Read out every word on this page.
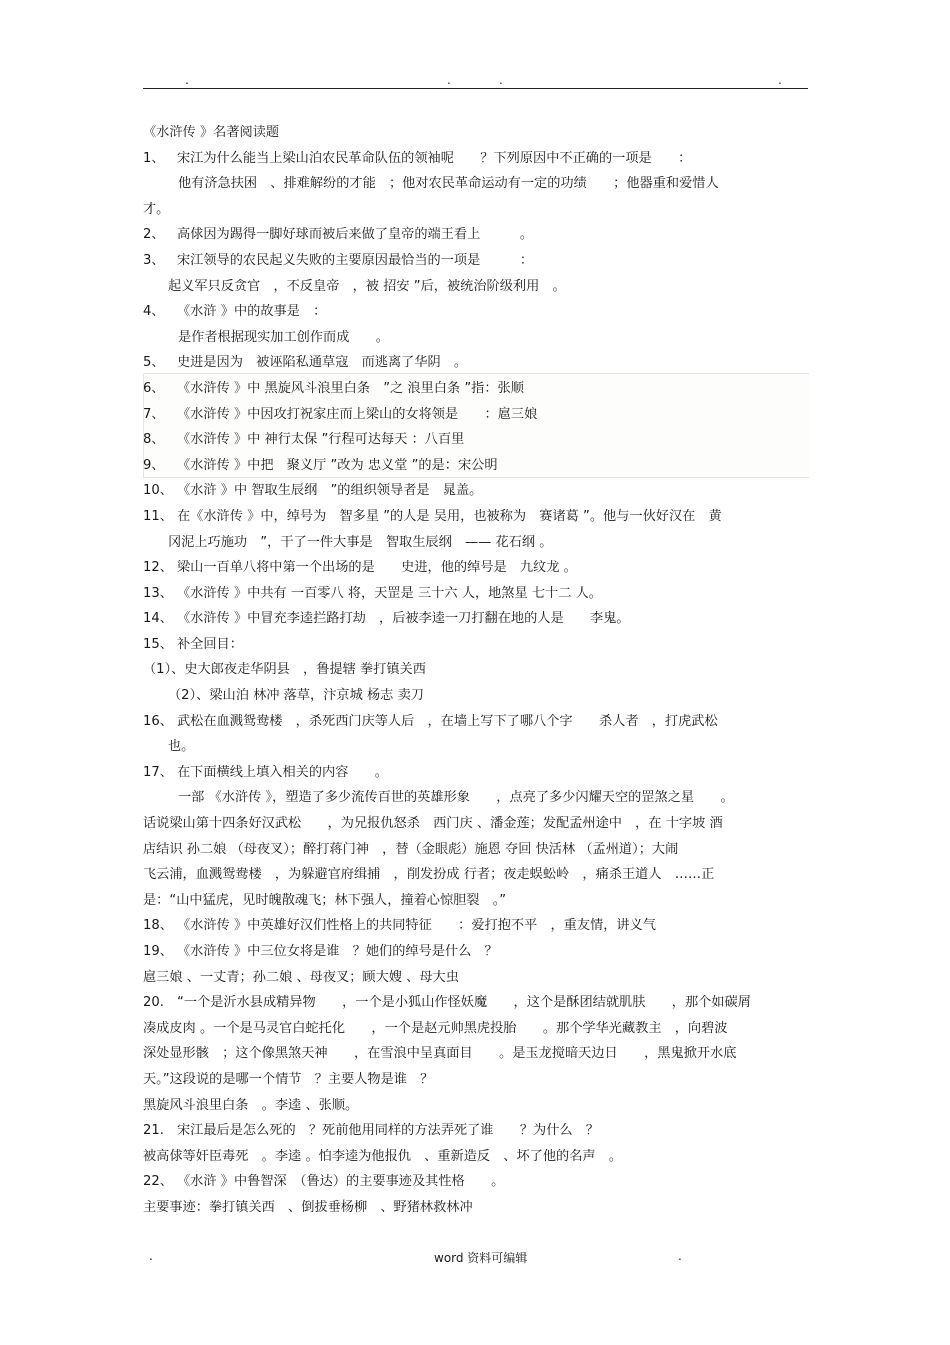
.	.	.	.
《水浒传 》名著阅读题
1、 宋江为什么能当上梁山泊农民革命队伍的领袖呢　　？下列原因中不正确的一项是　　：
他有济急扶困　、排难解纷的才能　；他对农民革命运动有一定的功绩　　；他器重和爱惜人
才。
2、 高俅因为踢得一脚好球而被后来做了皇帝的端王看上　　　。
3、 宋江领导的农民起义失败的主要原因最恰当的一项是　　　：
起义军只反贪官　，不反皇帝　，被 招安 ”后，被统治阶级利用　。
4、 《水浒 》中的故事是　：
是作者根据现实加工创作而成　　。
5、 史进是因为　被诬陷私通草寇　而逃离了华阴　。
6、 《水浒传 》中 黑旋风斗浪里白条　”之 浪里白条 ”指：张顺
7、 《水浒传 》中因攻打祝家庄而上梁山的女将领是　　：扈三娘
8、 《水浒传 》中 神行太保 ”行程可达每天 ：八百里
9、 《水浒传 》中把　聚义厅 ”改为 忠义堂 ”的是：宋公明
10、 《水浒 》中 智取生辰纲　”的组织领导者是　晁盖。
11、 在《水浒传 》中，绰号为　智多星 ”的人是 吴用，也被称为　赛诸葛 ”。他与一伙好汉在　黄
冈泥上巧施功　”，干了一件大事是　智取生辰纲　—— 花石纲 。
12、 梁山一百单八将中第一个出场的是　　史进，他的绰号是　九纹龙 。
13、 《水浒传 》中共有 一百零八 将，天罡是 三十六 人，地煞星 七十二 人。
14、 《水浒传 》中冒充李逵拦路打劫　，后被李逵一刀打翻在地的人是　　李鬼。
15、 补全回目：
（1）、史大郎夜走华阴县　，鲁提辖 拳打镇关西
（2）、梁山泊 林冲 落草，汴京城 杨志 卖刀
16、 武松在血溅鸳鸯楼　，杀死西门庆等人后　，在墙上写下了哪八个字　　杀人者　，打虎武松
也。
17、 在下面横线上填入相关的内容　　。
一部 《水浒传 》，塑造了多少流传百世的英雄形象　　，点亮了多少闪耀天空的罡煞之星　　。
话说梁山第十四条好汉武松　　，为兄报仇怒杀　西门庆 、潘金莲；发配孟州途中　，在 十字坡 酒
店结识 孙二娘 （母夜叉）；醉打蒋门神　，替（金眼彪）施恩 夺回 快活林 （孟州道）；大闹
飞云浦，血溅鸳鸯楼　，为躲避官府缉捕　，削发扮成 行者；夜走蜈蚣岭　，痛杀王道人　……正
是：“山中猛虎，见时魄散魂飞；林下强人，撞着心惊胆裂　。”
18、 《水浒传 》中英雄好汉们性格上的共同特征　　：爱打抱不平　，重友情，讲义气
19、 《水浒传 》中三位女将是谁　？她们的绰号是什么　？
扈三娘 、一丈青；孙二娘 、母夜叉；顾大嫂 、母大虫
20. “一个是沂水县成精异物　　，一个是小狐山作怪妖魔　　，这个是酥团结就肌肤　　，那个如碳屑
凑成皮肉 。一个是马灵官白蛇托化　　，一个是赵元帅黑虎投胎　　。那个学华光藏教主　，向碧波
深处显形骸　；这个像黑煞天神　　，在雪浪中呈真面目　　。是玉龙搅暗天边日　　，黑鬼掀开水底
天。”这段说的是哪一个情节　？主要人物是谁　？
黑旋风斗浪里白条　。李逵 、张顺。
21. 宋江最后是怎么死的　？死前他用同样的方法弄死了谁　　？为什么　？
被高俅等奸臣毒死　。李逵 。怕李逵为他报仇　、重新造反　、坏了他的名声　。
22、 《水浒 》中鲁智深　（鲁达）的主要事迹及其性格　　。
主要事迹：拳打镇关西　、倒拔垂杨柳　、野猪林救林冲
.	word 资料可编辑	.
